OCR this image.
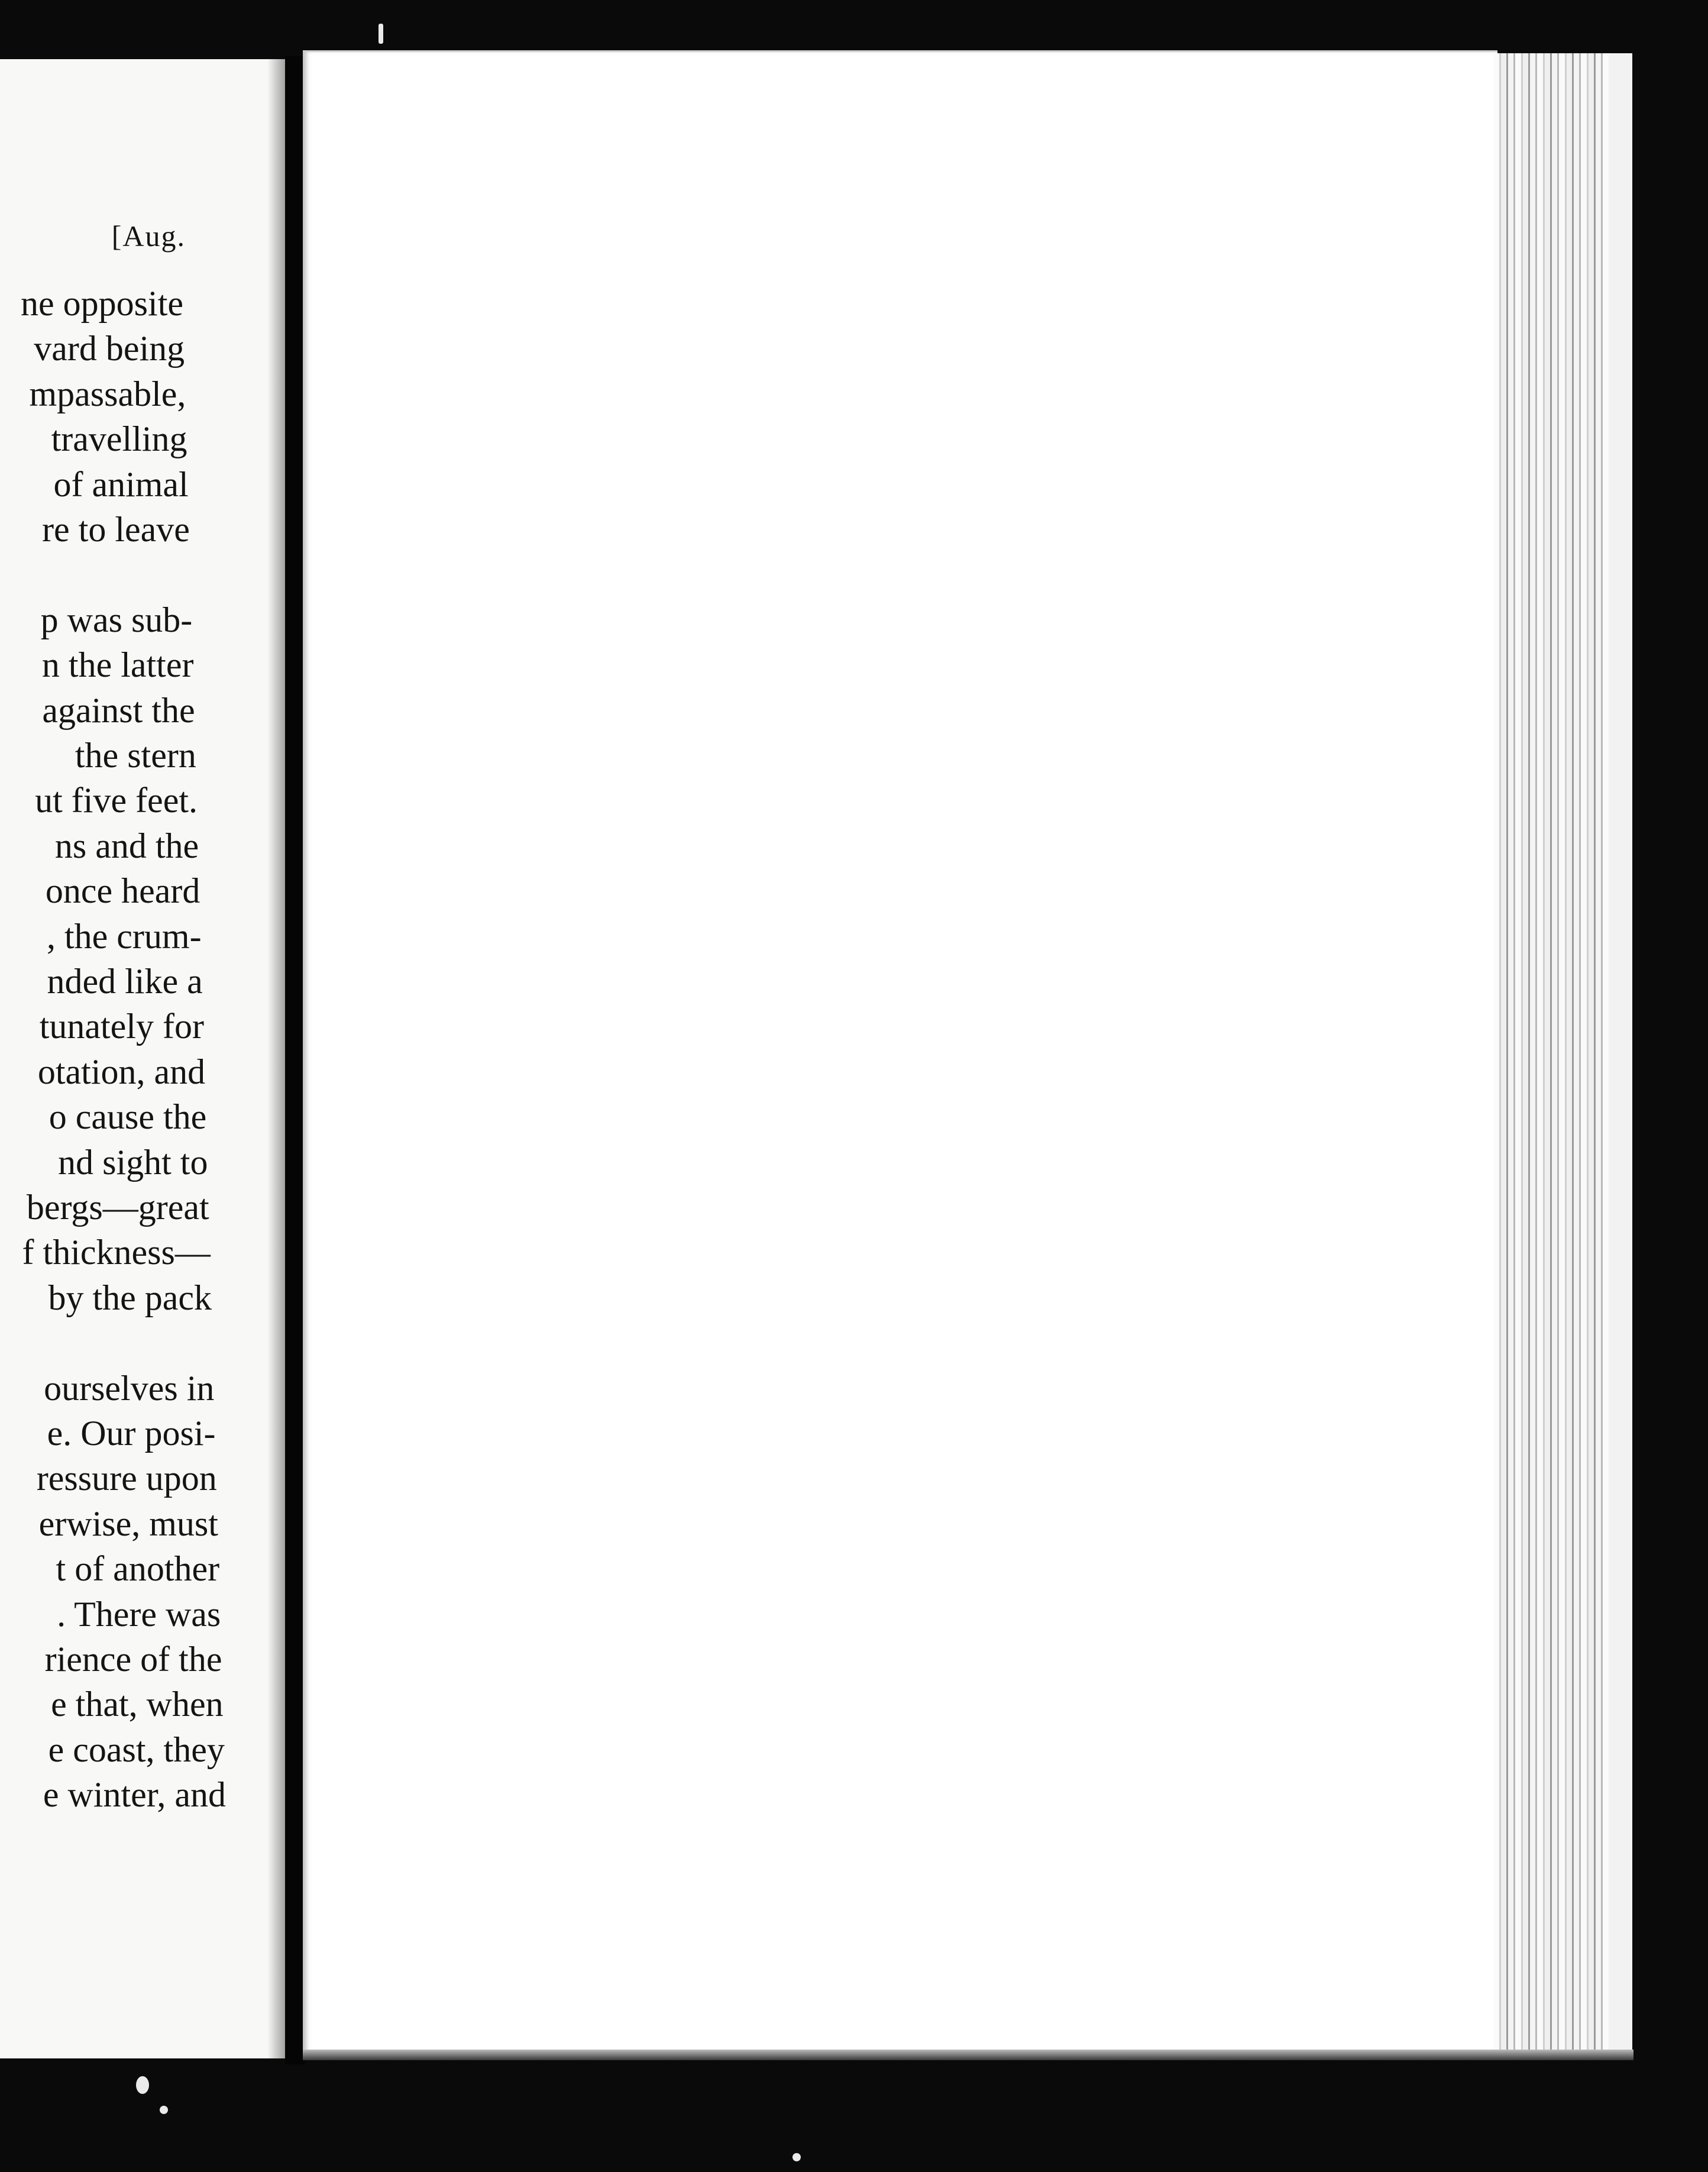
[Aug.
ne opposite
vard being
mpassable,
travelling
of animal
re to leave
p was sub-
n the latter
against the
the stern
ut five feet.
ns and the
once heard
, the crum-
nded like a
tunately for
otation, and
o cause the
nd sight to
bergs—great
f thickness—
by the pack
ourselves in
e. Our posi-
ressure upon
erwise, must
t of another
. There was
rience of the
e that, when
e coast, they
e winter, and
